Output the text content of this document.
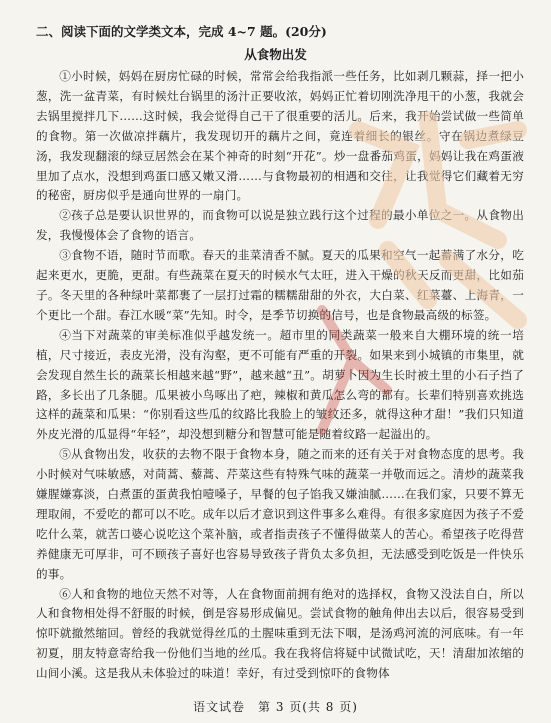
二、阅读下面的文学类文本，完成 4~7 题。(20分)
从食物出发

①小时候，妈妈在厨房忙碌的时候，常常会给我指派一些任务，比如剥几颗蒜，择一把小葱，洗一盆青菜，有时候灶台锅里的汤汁正要收浓，妈妈正忙着切刚洗净甩干的小葱，我就会去锅里搅拌几下……这时候，我会觉得自己干了很重要的活儿。后来，我开始尝试做一些简单的食物。第一次做凉拌藕片，我发现切开的藕片之间，竟连着细长的银丝。守在锅边煮绿豆汤，我发现翻滚的绿豆居然会在某个神奇的时刻“开花”。炒一盘番茄鸡蛋，妈妈让我在鸡蛋液里加了点水，没想到鸡蛋口感又嫩又滑……与食物最初的相遇和交往，让我觉得它们藏着无穷的秘密，厨房似乎是通向世界的一扇门。

②孩子总是要认识世界的，而食物可以说是独立践行这个过程的最小单位之一。从食物出发，我慢慢体会了食物的语言。

③食物不语，随时节而歌。春天的韭菜清香不腻。夏天的瓜果和空气一起蓄满了水分，吃起来更水，更脆，更甜。有些蔬菜在夏天的时候水气太旺，进入干燥的秋天反而更甜，比如茄子。冬天里的各种绿叶菜都裹了一层打过霜的糯糯甜甜的外衣，大白菜、红菜薹、上海青，一个更比一个甜。春江水暖“菜”先知。时令，是季节切换的信号，也是食物最高级的标签。

④当下对蔬菜的审美标准似乎越发统一。超市里的同类蔬菜一般来自大棚环境的统一培植，尺寸接近，表皮光滑，没有沟壑，更不可能有严重的开裂。如果来到小城镇的市集里，就会发现自然生长的蔬菜长相越来越“野”，越来越“丑”。胡萝卜因为生长时被土里的小石子挡了路，多长出了几条腿。瓜果被小鸟啄出了疤，辣椒和黄瓜怎么弯的都有。长辈们特别喜欢挑选这样的蔬菜和瓜果：“你别看这些瓜的纹路比我脸上的皱纹还多，就得这种才甜！”我们只知道外皮光滑的瓜显得“年轻”，却没想到糖分和智慧可能是随着纹路一起溢出的。

⑤从食物出发，收获的去物不限于食物本身，随之而来的还有关于对食物态度的思考。我小时候对气味敏感，对茼蒿、藜蒿、芹菜这些有特殊气味的蔬菜一并敬而远之。清炒的蔬菜我嫌腥嫌寡淡，白煮蛋的蛋黄我怕噎嗓子，早餐的包子馅我又嫌油腻……在我们家，只要不算无理取闹，不爱吃的都可以不吃。成年以后才意识到这件事多么难得。有很多家庭因为孩子不爱吃什么菜，就苦口婆心说吃这个菜补脑，或者指责孩子不懂得做菜人的苦心。希望孩子吃得营养健康无可厚非，可不顾孩子喜好也容易导致孩子背负太多负担，无法感受到吃饭是一件快乐的事。

⑥人和食物的地位天然不对等，人在食物面前拥有绝对的选择权，食物又没法自白，所以人和食物相处得不舒服的时候，倒是容易形成偏见。尝试食物的触角伸出去以后，很容易受到惊吓就撤然缩回。曾经的我就觉得丝瓜的土腥味重到无法下咽，是汤鸡河流的河底味。有一年初夏，朋友特意寄给我一份他们当地的丝瓜。我在我将信将疑中试微试吃，天！清甜加浓缩的山间小溪。这是我从未体验过的味道！幸好，有过受到惊吓的食物体

语文试卷　第 3 页(共 8 页)
